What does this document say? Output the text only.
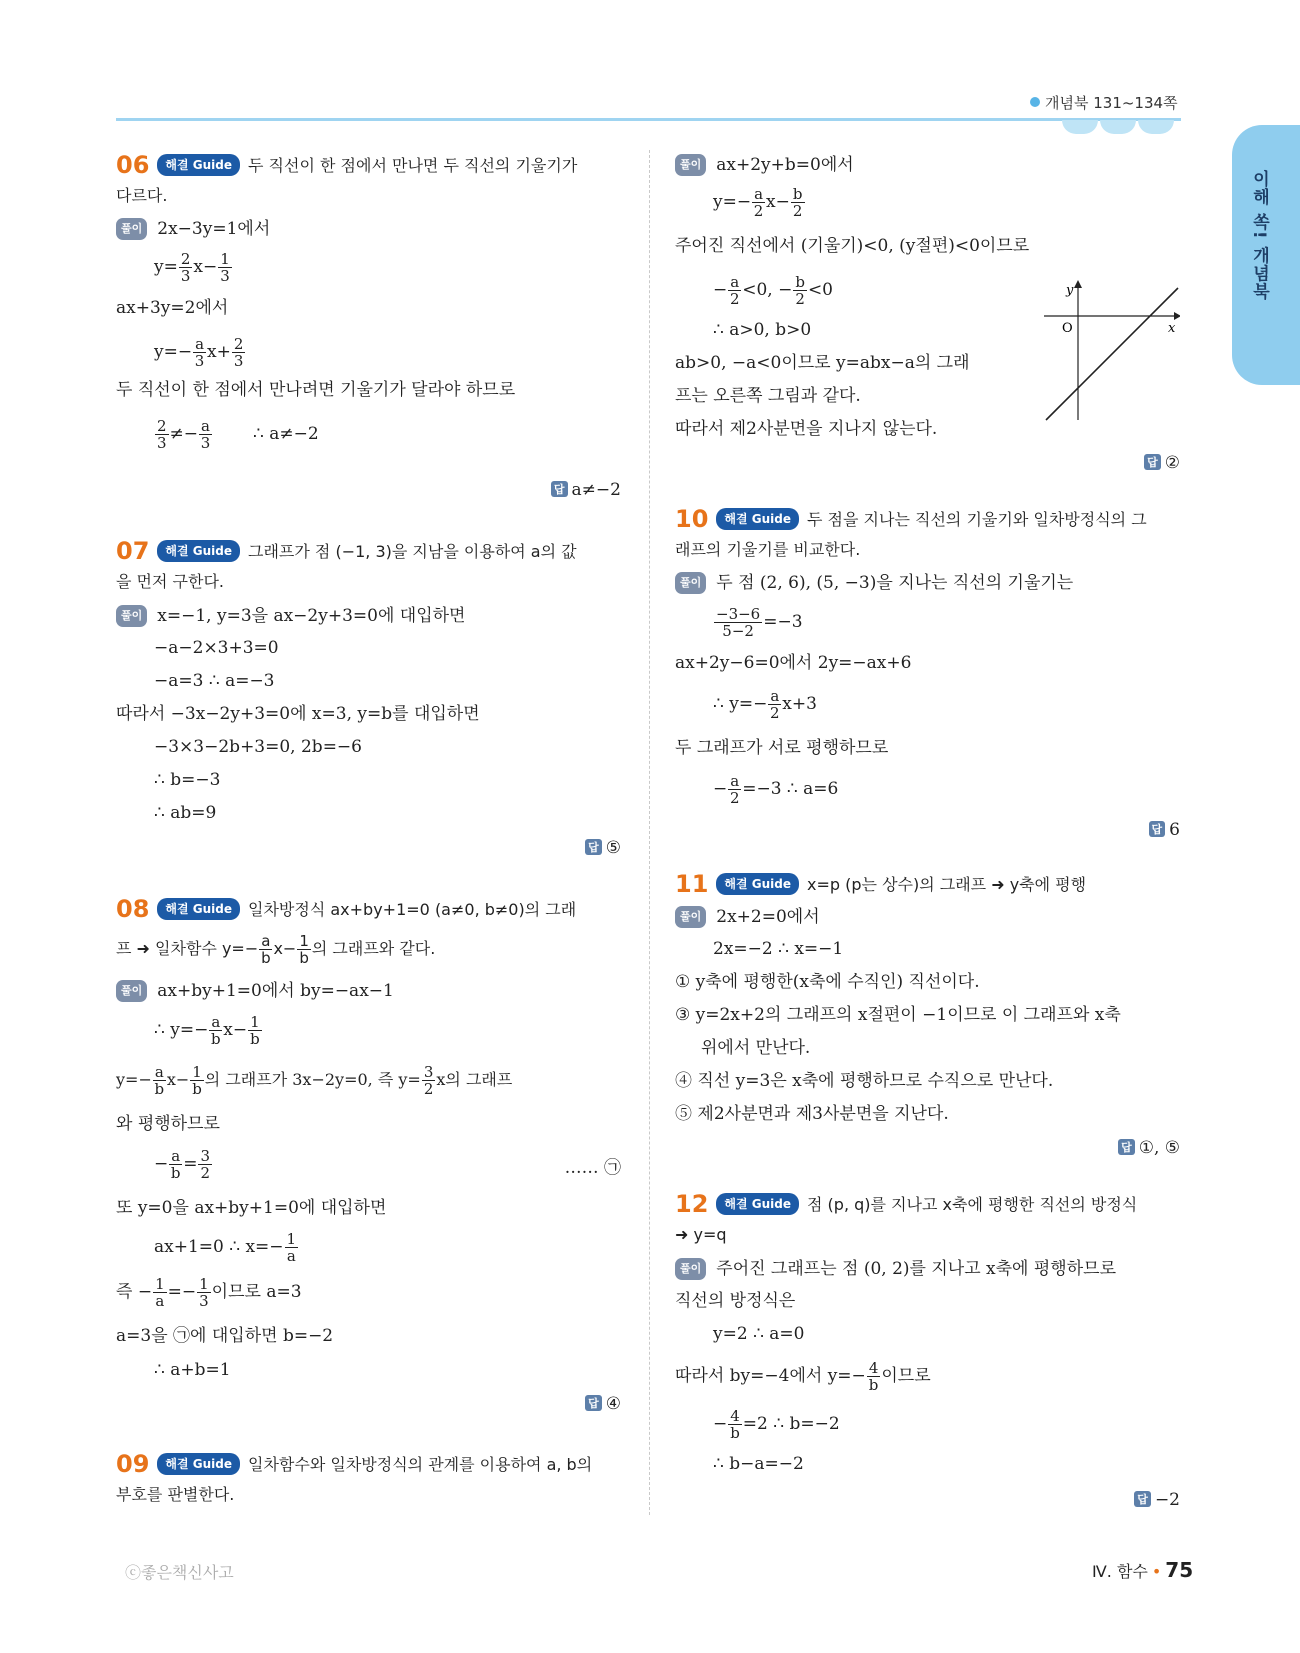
개념북 131~134쪽
이해 쏙! 개념북
06 해결 Guide 두 직선이 한 점에서 만나면 두 직선의 기울기가
다르다.
풀이 2x−3y=1에서
$y= \frac{2}{3} x- \frac{1}{3}$
ax+3y=2에서
$y=- \frac{a}{3} x+ \frac{2}{3}$
두 직선이 한 점에서 만나려면 기울기가 달라야 하므로
$\frac{2}{3} \ne- \frac{a}{3}$ ∴ a≠−2
답 a≠−2
07 해결 Guide 그래프가 점 (−1, 3)을 지남을 이용하여 a의 값
을 먼저 구한다.
풀이 x=−1, y=3을 ax−2y+3=0에 대입하면
−a−2×3+3=0
−a=3 ∴ a=−3
따라서 −3x−2y+3=0에 x=3, y=b를 대입하면
−3×3−2b+3=0, 2b=−6
∴ b=−3
∴ ab=9
답 ⑤
08 해결 Guide 일차방정식 ax+by+1=0 (a≠0, b≠0)의 그래
프 ➜ 일차함수 $y=- \frac{a}{b} x- \frac{1}{b}$ 의 그래프와 같다.
풀이 ax+by+1=0에서 by=−ax−1
∴ $y=- \frac{a}{b} x- \frac{1}{b}$
$y=- \frac{a}{b} x- \frac{1}{b}$ 의 그래프가 3x−2y=0, 즉 $y= \frac{3}{2}$ x의 그래프
와 평행하므로
− $\frac{a}{b} = \frac{3}{2}$	…… ㉠
또 y=0을 ax+by+1=0에 대입하면
ax+1=0 ∴ $x=- \frac{1}{a}$
즉 − $\frac{1}{a} =- \frac{1}{3}$ 이므로 a=3
a=3을 ㉠에 대입하면 b=−2
∴ a+b=1
답 ④
09 해결 Guide 일차함수와 일차방정식의 관계를 이용하여 a, b의
부호를 판별한다.
풀이 ax+2y+b=0에서
$y=- \frac{a}{2} x- \frac{b}{2}$
주어진 직선에서 (기울기)<0, (y절편)<0이므로
− $\frac{a}{2} <0$, − $\frac{b}{2} <0$
∴ a>0, b>0
ab>0, −a<0이므로 y=abx−a의 그래
프는 오른쪽 그림과 같다.
따라서 제2사분면을 지나지 않는다.
답 ②
10 해결 Guide 두 점을 지나는 직선의 기울기와 일차방정식의 그
래프의 기울기를 비교한다.
풀이 두 점 (2, 6), (5, −3)을 지나는 직선의 기울기는
$\frac{-3-6}{5-2} =-3$
ax+2y−6=0에서 2y=−ax+6
∴ $y=- \frac{a}{2} x+3$
두 그래프가 서로 평행하므로
− $\frac{a}{2} =-3$ ∴ a=6
답 6
11 해결 Guide x=p (p는 상수)의 그래프 ➜ y축에 평행
풀이 2x+2=0에서
2x=−2 ∴ x=−1
① y축에 평행한(x축에 수직인) 직선이다.
③ y=2x+2의 그래프의 x절편이 −1이므로 이 그래프와 x축
위에서 만난다.
④ 직선 y=3은 x축에 평행하므로 수직으로 만난다.
⑤ 제2사분면과 제3사분면을 지난다.
답 ①, ⑤
12 해결 Guide 점 (p, q)를 지나고 x축에 평행한 직선의 방정식
➜ y=q
풀이 주어진 그래프는 점 (0, 2)를 지나고 x축에 평행하므로
직선의 방정식은
y=2 ∴ a=0
따라서 by=−4에서 $y=- \frac{4}{b}$ 이므로
− $\frac{4}{b} =2$ ∴ b=−2
∴ b−a=−2
답 −2
y
x
O
ⓒ좋은책신사고	Ⅳ. 함수 • 75
